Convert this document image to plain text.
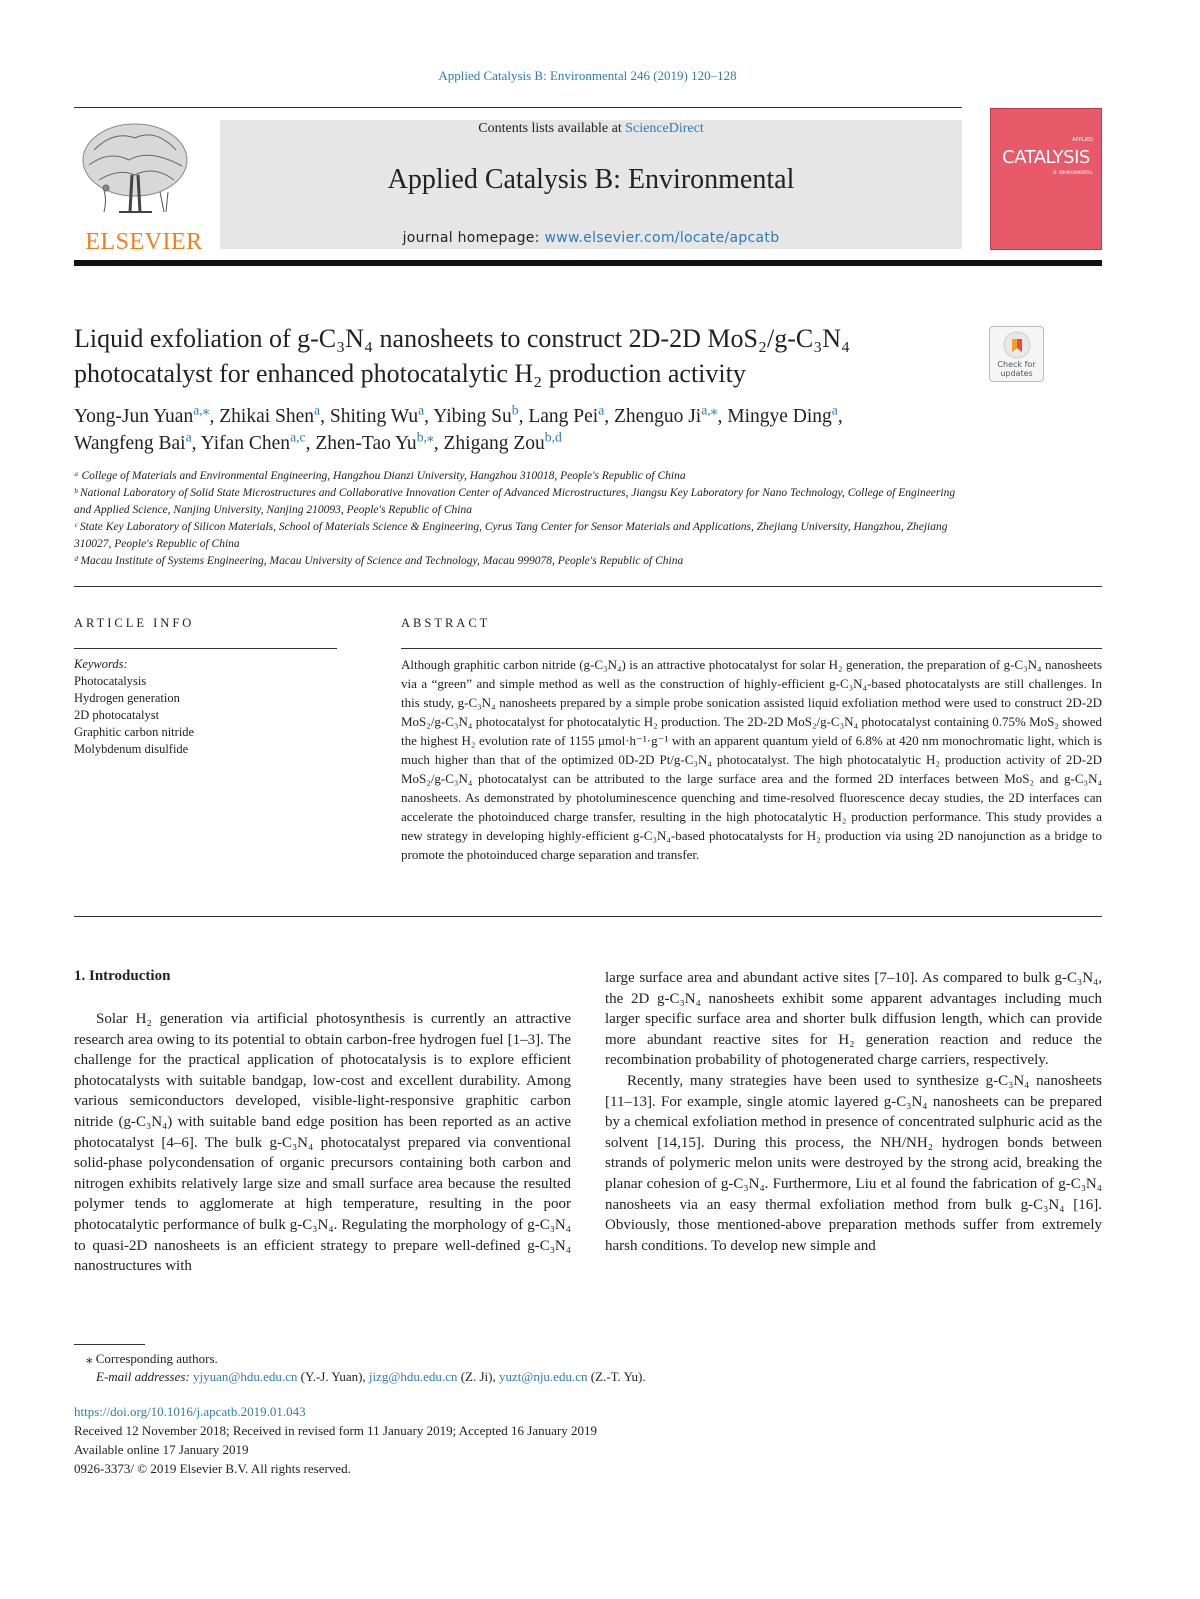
Applied Catalysis B: Environmental 246 (2019) 120–128
ELSEVIER
Contents lists available at ScienceDirect
Applied Catalysis B: Environmental
journal homepage: www.elsevier.com/locate/apcatb
APPLIED
CATALYSIS
B: ENVIRONMENTAL
Liquid exfoliation of g-C₃N₄ nanosheets to construct 2D-2D MoS₂/g-C₃N₄
photocatalyst for enhanced photocatalytic H₂ production activity	Check for updates
Yong-Jun Yuan$^{a,⁎}$, Zhikai Shen$^a$, Shiting Wu$^a$, Yibing Su$^b$, Lang Pei$^a$, Zhenguo $Ji^{a,⁎}$, Mingye Ding$^a$,
Wangfeng Bai$^a$, Yifan Chen$^{a,c}$, Zhen-Tao $Yu^{b,⁎}$, Zhigang Zou$^{b,d}$
ᵃ College of Materials and Environmental Engineering, Hangzhou Dianzi University, Hangzhou 310018, People's Republic of China
ᵇ National Laboratory of Solid State Microstructures and Collaborative Innovation Center of Advanced Microstructures, Jiangsu Key Laboratory for Nano Technology, College of Engineering and Applied Science, Nanjing University, Nanjing 210093, People's Republic of China
ᶜ State Key Laboratory of Silicon Materials, School of Materials Science & Engineering, Cyrus Tang Center for Sensor Materials and Applications, Zhejiang University, Hangzhou, Zhejiang 310027, People's Republic of China
ᵈ Macau Institute of Systems Engineering, Macau University of Science and Technology, Macau 999078, People's Republic of China
ARTICLE INFO	ABSTRACT
Keywords:
Photocatalysis
Hydrogen generation
2D photocatalyst
Graphitic carbon nitride
Molybdenum disulfide
Although graphitic carbon nitride (g-C₃N₄) is an attractive photocatalyst for solar H₂ generation, the preparation of g-C₃N₄ nanosheets via a “green” and simple method as well as the construction of highly-efficient g-C₃N₄-based photocatalysts are still challenges. In this study, g-C₃N₄ nanosheets prepared by a simple probe sonication assisted liquid exfoliation method were used to construct 2D-2D MoS₂/g-C₃N₄ photocatalyst for photocatalytic H₂ production. The 2D-2D MoS₂/g-C₃N₄ photocatalyst containing 0.75% MoS₂ showed the highest H₂ evolution rate of 1155 μmol·h⁻¹·g⁻¹ with an apparent quantum yield of 6.8% at 420 nm monochromatic light, which is much higher than that of the optimized 0D-2D Pt/g-C₃N₄ photocatalyst. The high photocatalytic H₂ production activity of 2D-2D MoS₂/g-C₃N₄ photocatalyst can be attributed to the large surface area and the formed 2D interfaces between MoS₂ and g-C₃N₄ nanosheets. As demonstrated by photoluminescence quenching and time-resolved fluorescence decay studies, the 2D interfaces can accelerate the photoinduced charge transfer, resulting in the high photocatalytic H₂ production performance. This study provides a new strategy in developing highly-efficient g-C₃N₄-based photocatalysts for H₂ production via using 2D nanojunction as a bridge to promote the photoinduced charge separation and transfer.
1. Introduction

Solar H₂ generation via artificial photosynthesis is currently an attractive research area owing to its potential to obtain carbon-free hydrogen fuel [1–3]. The challenge for the practical application of photocatalysis is to explore efficient photocatalysts with suitable bandgap, low-cost and excellent durability. Among various semiconductors developed, visible-light-responsive graphitic carbon nitride (g-C₃N₄) with suitable band edge position has been reported as an active photocatalyst [4–6]. The bulk g-C₃N₄ photocatalyst prepared via conventional solid-phase polycondensation of organic precursors containing both carbon and nitrogen exhibits relatively large size and small surface area because the resulted polymer tends to agglomerate at high temperature, resulting in the poor photocatalytic performance of bulk g-C₃N₄. Regulating the morphology of g-C₃N₄ to quasi-2D nanosheets is an efficient strategy to prepare well-defined g-C₃N₄ nanostructures with

large surface area and abundant active sites [7–10]. As compared to bulk g-C₃N₄, the 2D g-C₃N₄ nanosheets exhibit some apparent advantages including much larger specific surface area and shorter bulk diffusion length, which can provide more abundant reactive sites for H₂ generation reaction and reduce the recombination probability of photogenerated charge carriers, respectively.

Recently, many strategies have been used to synthesize g-C₃N₄ nanosheets [11–13]. For example, single atomic layered g-C₃N₄ nanosheets can be prepared by a chemical exfoliation method in presence of concentrated sulphuric acid as the solvent [14,15]. During this process, the NH/NH₂ hydrogen bonds between strands of polymeric melon units were destroyed by the strong acid, breaking the planar cohesion of g-C₃N₄. Furthermore, Liu et al found the fabrication of g-C₃N₄ nanosheets via an easy thermal exfoliation method from bulk g-C₃N₄ [16]. Obviously, those mentioned-above preparation methods suffer from extremely harsh conditions. To develop new simple and

⁎ Corresponding authors.
E-mail addresses: yjyuan@hdu.edu.cn (Y.-J. Yuan), jizg@hdu.edu.cn (Z. Ji), yuzt@nju.edu.cn (Z.-T. Yu).
https://doi.org/10.1016/j.apcatb.2019.01.043
Received 12 November 2018; Received in revised form 11 January 2019; Accepted 16 January 2019
Available online 17 January 2019
0926-3373/ © 2019 Elsevier B.V. All rights reserved.
